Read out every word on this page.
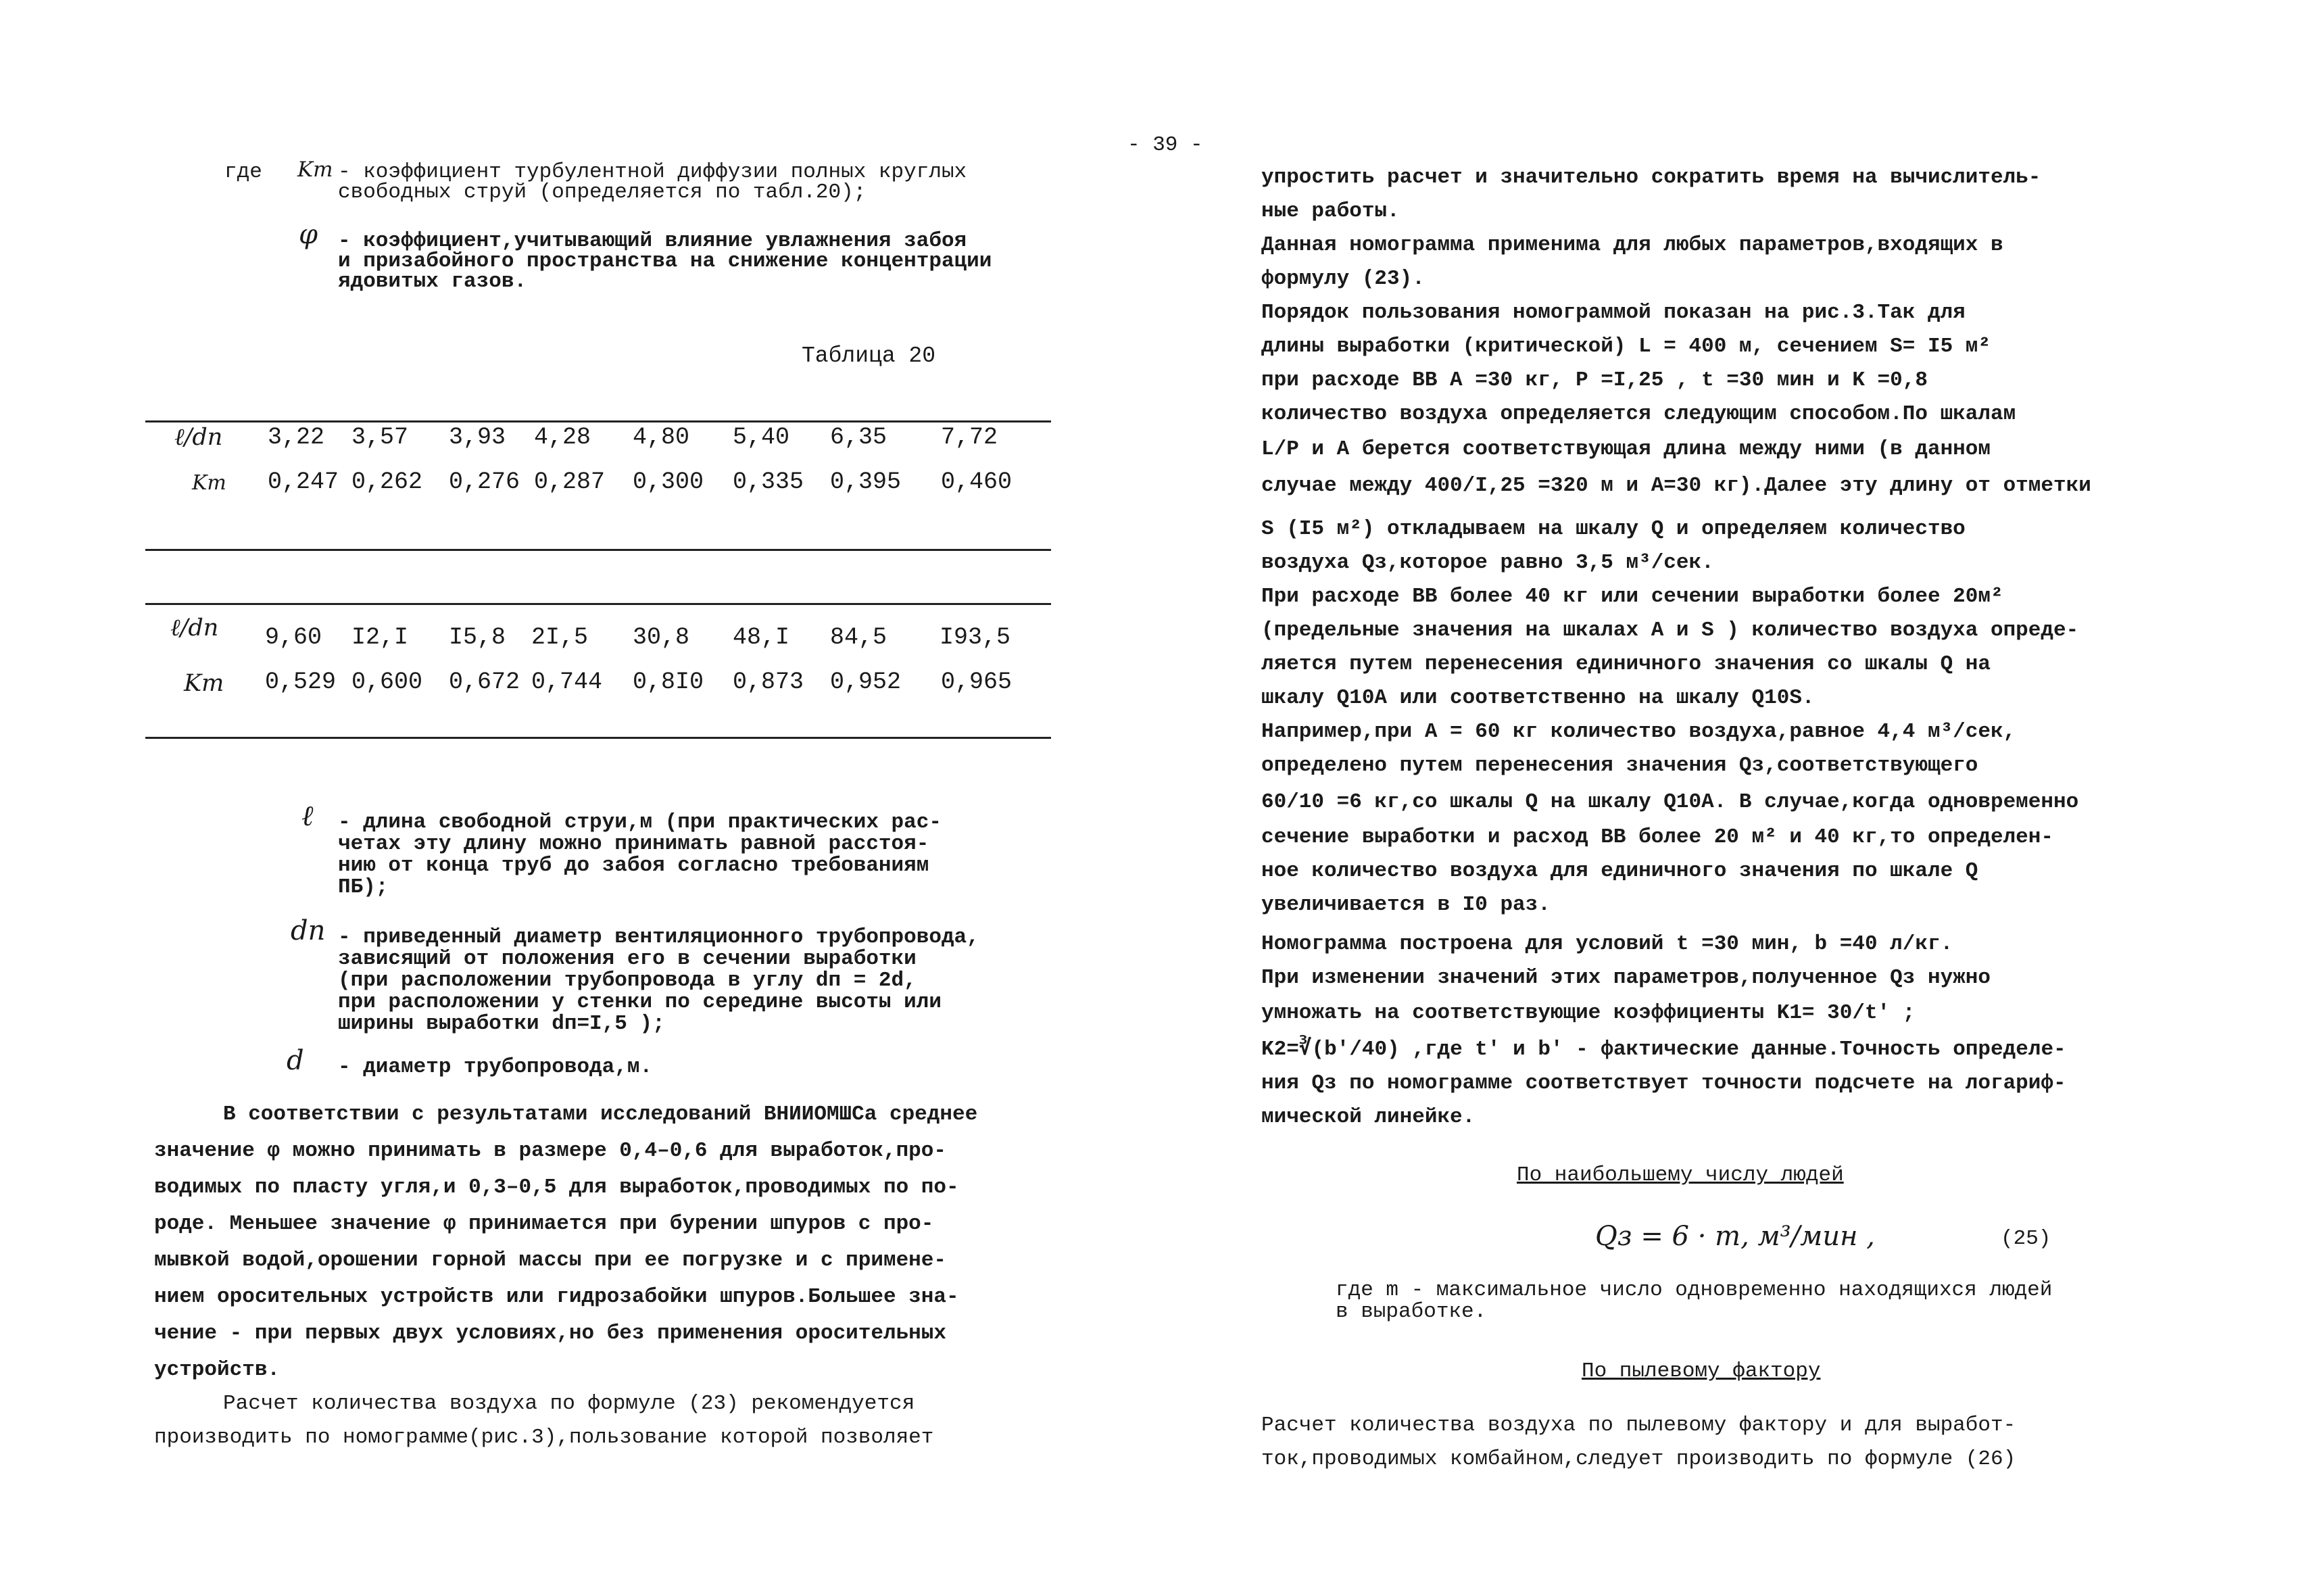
- 39 -
где Kт - коэффициент турбулентной диффузии полных круглых
свободных струй (определяется по табл.20);
φ - коэффициент,учитывающий влияние увлажнения забоя
и призабойного пространства на снижение концентрации
ядовитых газов.
Таблица 20
ℓ/dп 3,22 3,57 3,93 4,28 4,80 5,40 6,35 7,72
Kт 0,247 0,262 0,276 0,287 0,300 0,335 0,395 0,460
ℓ/dп 9,60 I2,I I5,8 2I,5 30,8 48,I 84,5 I93,5
Kт 0,529 0,600 0,672 0,744 0,8I0 0,873 0,952 0,965
ℓ - длина свободной струи,м (при практических рас-
четах эту длину можно принимать равной расстоя-
нию от конца труб до забоя согласно требованиям
ПБ);
dп - приведенный диаметр вентиляционного трубопровода,
зависящий от положения его в сечении выработки
(при расположении трубопровода в углу dп = 2d,
при расположении у стенки по середине высоты или
ширины выработки dп=I,5 );
d - диаметр трубопровода,м.
В соответствии с результатами исследований ВНИИОМШСа среднее
значение φ можно принимать в размере 0,4–0,6 для выработок,про-
водимых по пласту угля,и 0,3–0,5 для выработок,проводимых по по-
роде. Меньшее значение φ принимается при бурении шпуров с про-
мывкой водой,орошении горной массы при ее погрузке и с примене-
нием оросительных устройств или гидрозабойки шпуров.Большее зна-
чение - при первых двух условиях,но без применения оросительных
устройств.
Расчет количества воздуха по формуле (23) рекомендуется
производить по номограмме(рис.3),пользование которой позволяет
упростить расчет и значительно сократить время на вычислитель-
ные работы.
Данная номограмма применима для любых параметров,входящих в
формулу (23).
Порядок пользования номограммой показан на рис.3.Так для
длины выработки (критической) L = 400 м, сечением S= I5 м²
при расходе ВВ A =30 кг, P =I,25 , t =30 мин и K =0,8
количество воздуха определяется следующим способом.По шкалам
L/P и А берется соответствующая длина между ними (в данном
случае между 400/I,25 =320 м и А=30 кг).Далее эту длину от отметки
S (I5 м²) откладываем на шкалу Q и определяем количество
воздуха Qз,которое равно 3,5 м³/сек.
При расходе ВВ более 40 кг или сечении выработки более 20м²
(предельные значения на шкалах А и S ) количество воздуха опреде-
ляется путем перенесения единичного значения со шкалы Q на
шкалу Q10A или соответственно на шкалу Q10S.
Например,при A = 60 кг количество воздуха,равное 4,4 м³/сек,
определено путем перенесения значения Qз,соответствующего
60/10 =6 кг,со шкалы Q на шкалу Q10A. В случае,когда одновременно
сечение выработки и расход ВВ более 20 м² и 40 кг,то определен-
ное количество воздуха для единичного значения по шкале Q
увеличивается в I0 раз.
Номограмма построена для условий t =30 мин, b =40 л/кг.
При изменении значений этих параметров,полученное Qз нужно
умножать на соответствующие коэффициенты K1= 30/t' ;
K2=∛(b'/40) ,где t' и b' - фактические данные.Точность определе-
ния Qз по номограмме соответствует точности подсчете на логариф-
мической линейке.
По наибольшему числу людей
Qз = 6 · m, м³/мин ,	(25)
где m - максимальное число одновременно находящихся людей
в выработке.
По пылевому фактору
Расчет количества воздуха по пылевому фактору и для выработ-
ток,проводимых комбайном,следует производить по формуле (26)
